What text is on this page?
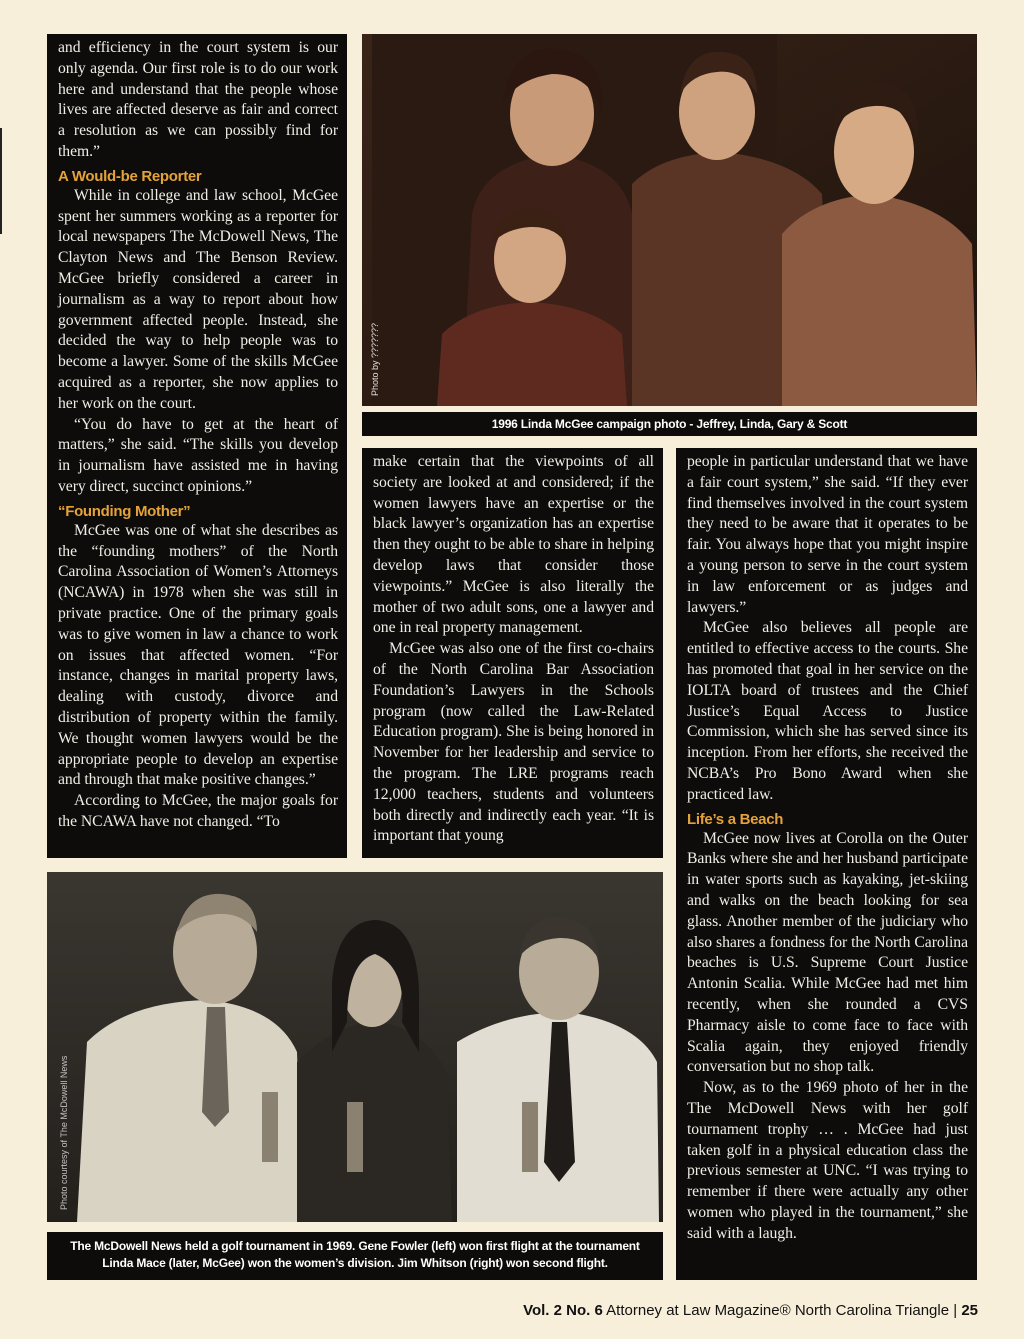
and efficiency in the court system is our only agenda. Our first role is to do our work here and understand that the people whose lives are affected deserve as fair and correct a resolution as we can possibly find for them.”

A Would-be Reporter

While in college and law school, McGee spent her summers working as a reporter for local newspapers The McDowell News, The Clayton News and The Benson Review. McGee briefly considered a career in journalism as a way to report about how government affected people. Instead, she decided the way to help people was to become a lawyer. Some of the skills McGee acquired as a reporter, she now applies to her work on the court.

“You do have to get at the heart of matters,” she said. “The skills you develop in journalism have assisted me in having very direct, succinct opinions.”

“Founding Mother”

McGee was one of what she describes as the “founding mothers” of the North Carolina Association of Women’s Attorneys (NCAWA) in 1978 when she was still in private practice. One of the primary goals was to give women in law a chance to work on issues that affected women. “For instance, changes in marital property laws, dealing with custody, divorce and distribution of property within the family. We thought women lawyers would be the appropriate people to develop an expertise and through that make positive changes.”

According to McGee, the major goals for the NCAWA have not changed. “To

Photo by ???????
1996 Linda McGee campaign photo - Jeffrey, Linda, Gary & Scott

make certain that the viewpoints of all society are looked at and considered; if the women lawyers have an expertise or the black lawyer’s organization has an expertise then they ought to be able to share in helping develop laws that consider those viewpoints.” McGee is also literally the mother of two adult sons, one a lawyer and one in real property management.

McGee was also one of the first co-chairs of the North Carolina Bar Association Foundation’s Lawyers in the Schools program (now called the Law-Related Education program). She is being honored in November for her leadership and service to the program. The LRE programs reach 12,000 teachers, students and volunteers both directly and indirectly each year. “It is important that young

people in particular understand that we have a fair court system,” she said. “If they ever find themselves involved in the court system they need to be aware that it operates to be fair. You always hope that you might inspire a young person to serve in the court system in law enforcement or as judges and lawyers.”

McGee also believes all people are entitled to effective access to the courts. She has promoted that goal in her service on the IOLTA board of trustees and the Chief Justice’s Equal Access to Justice Commission, which she has served since its inception. From her efforts, she received the NCBA’s Pro Bono Award when she practiced law.

Life’s a Beach

McGee now lives at Corolla on the Outer Banks where she and her husband participate in water sports such as kayaking, jet-skiing and walks on the beach looking for sea glass. Another member of the judiciary who also shares a fondness for the North Carolina beaches is U.S. Supreme Court Justice Antonin Scalia. While McGee had met him recently, when she rounded a CVS Pharmacy aisle to come face to face with Scalia again, they enjoyed friendly conversation but no shop talk.

Now, as to the 1969 photo of her in the The McDowell News with her golf tournament trophy … . McGee had just taken golf in a physical education class the previous semester at UNC. “I was trying to remember if there were actually any other women who played in the tournament,” she said with a laugh.

Photo courtesy of The McDowell News
The McDowell News held a golf tournament in 1969. Gene Fowler (left) won first flight at the tournament
Linda Mace (later, McGee) won the women’s division. Jim Whitson (right) won second flight.
Vol. 2 No. 6 Attorney at Law Magazine® North Carolina Triangle | 25
